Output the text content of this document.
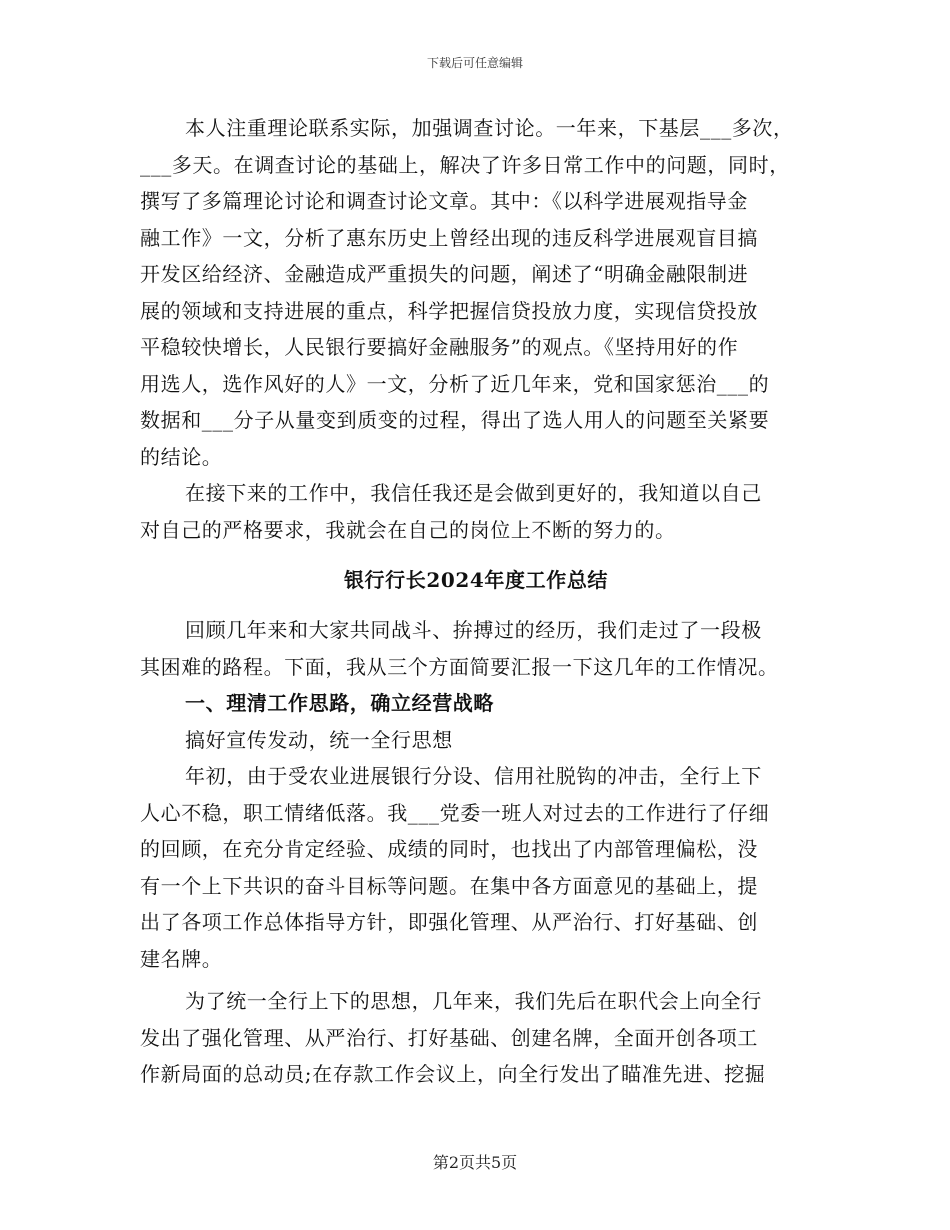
下载后可任意编辑
本人注重理论联系实际，加强调查讨论。一年来，下基层___多次，
___多天。在调查讨论的基础上，解决了许多日常工作中的问题，同时，
撰写了多篇理论讨论和调查讨论文章。其中：《以科学进展观指导金
融工作》一文，分析了惠东历史上曾经出现的违反科学进展观盲目搞
开发区给经济、金融造成严重损失的问题，阐述了“明确金融限制进
展的领域和支持进展的重点，科学把握信贷投放力度，实现信贷投放
平稳较快增长，人民银行要搞好金融服务”的观点。《坚持用好的作
用选人，选作风好的人》一文，分析了近几年来，党和国家惩治___的
数据和___分子从量变到质变的过程，得出了选人用人的问题至关紧要
的结论。
在接下来的工作中，我信任我还是会做到更好的，我知道以自己
对自己的严格要求，我就会在自己的岗位上不断的努力的。
银行行长2024年度工作总结
回顾几年来和大家共同战斗、拚搏过的经历，我们走过了一段极
其困难的路程。下面，我从三个方面简要汇报一下这几年的工作情况。
一、理清工作思路，确立经营战略
搞好宣传发动，统一全行思想
年初，由于受农业进展银行分设、信用社脱钩的冲击，全行上下
人心不稳，职工情绪低落。我___党委一班人对过去的工作进行了仔细
的回顾，在充分肯定经验、成绩的同时，也找出了内部管理偏松，没
有一个上下共识的奋斗目标等问题。在集中各方面意见的基础上，提
出了各项工作总体指导方针，即强化管理、从严治行、打好基础、创
建名牌。
为了统一全行上下的思想，几年来，我们先后在职代会上向全行
发出了强化管理、从严治行、打好基础、创建名牌，全面开创各项工
作新局面的总动员;在存款工作会议上，向全行发出了瞄准先进、挖掘
第2页共5页
